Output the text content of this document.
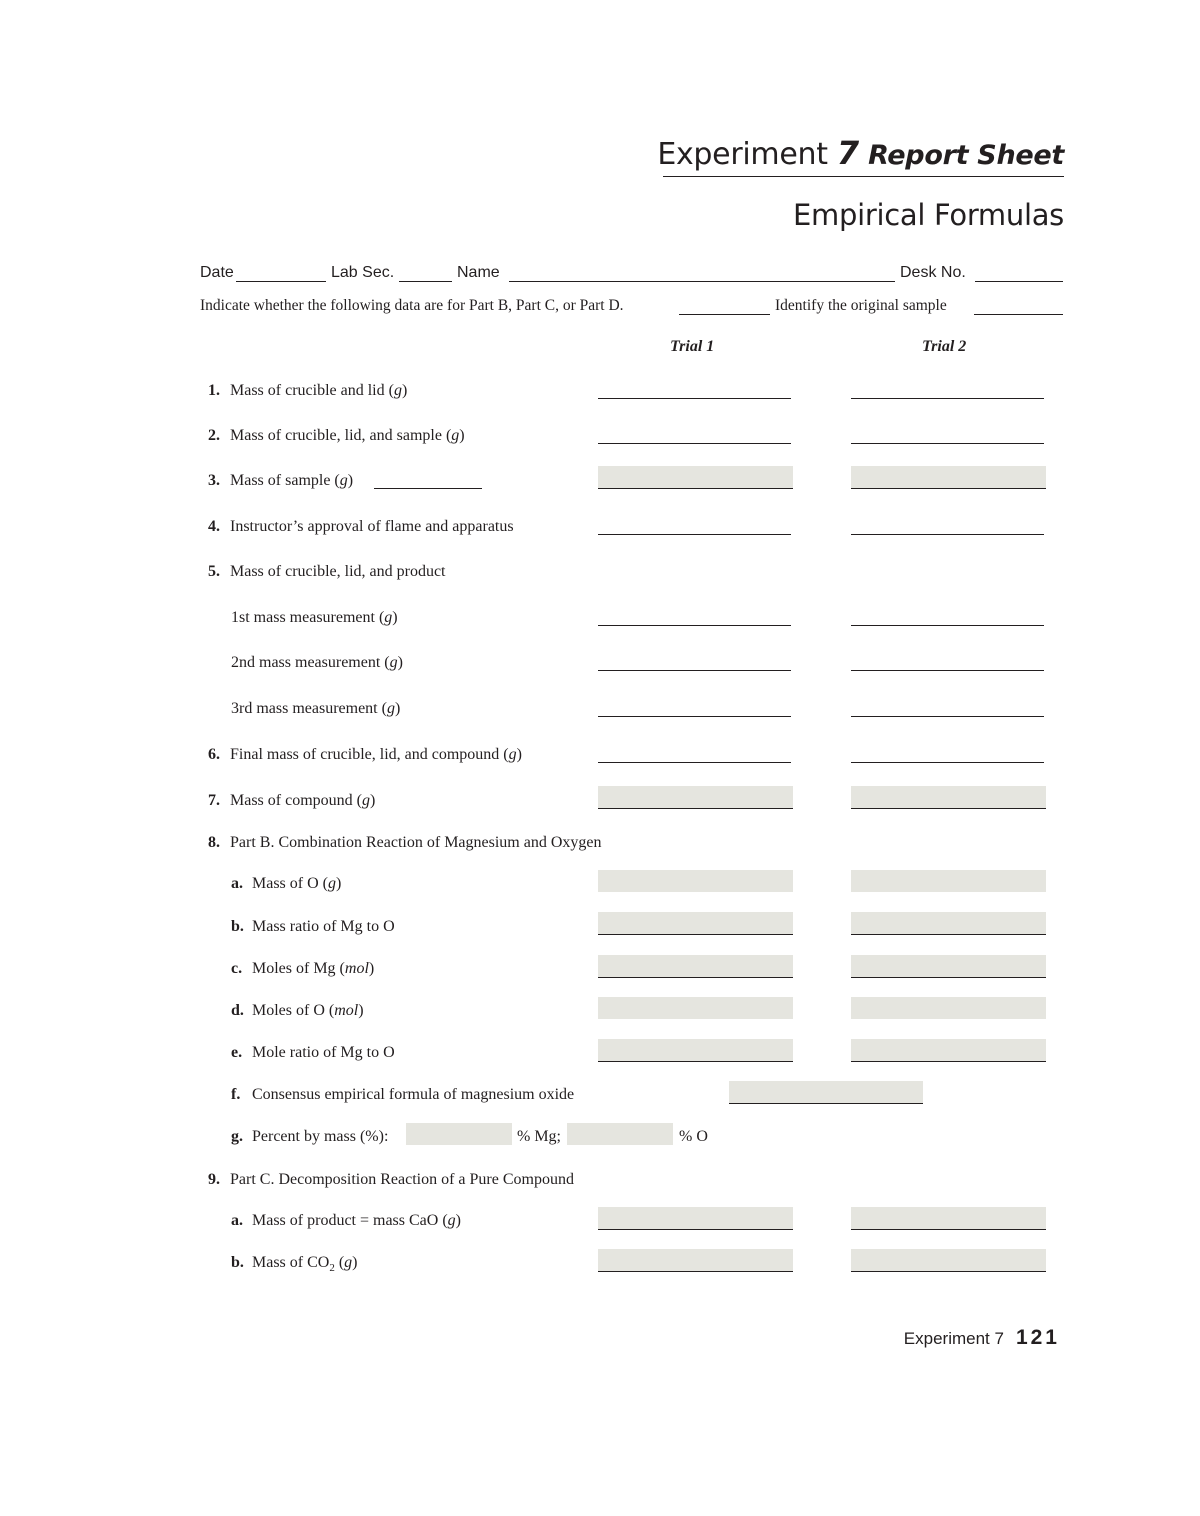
Experiment 7 Report Sheet
Empirical Formulas
Date	Lab Sec.	Name	Desk No.
Indicate whether the following data are for Part B, Part C, or Part D.	Identify the original sample
Trial 1	Trial 2
1. Mass of crucible and lid (g)
2. Mass of crucible, lid, and sample (g)
3. Mass of sample (g)
4. Instructor’s approval of flame and apparatus
5. Mass of crucible, lid, and product
1st mass measurement (g)
2nd mass measurement (g)
3rd mass measurement (g)
6. Final mass of crucible, lid, and compound (g)
7. Mass of compound (g)
8. Part B. Combination Reaction of Magnesium and Oxygen
a. Mass of O (g)
b. Mass ratio of Mg to O
c. Moles of Mg (mol)
d. Moles of O (mol)
e. Mole ratio of Mg to O
f. Consensus empirical formula of magnesium oxide
g. Percent by mass (%):	% Mg;	% O
9. Part C. Decomposition Reaction of a Pure Compound
a. Mass of product = mass CaO (g)
b. Mass of $CO_2$ (g)
Experiment 7 121
